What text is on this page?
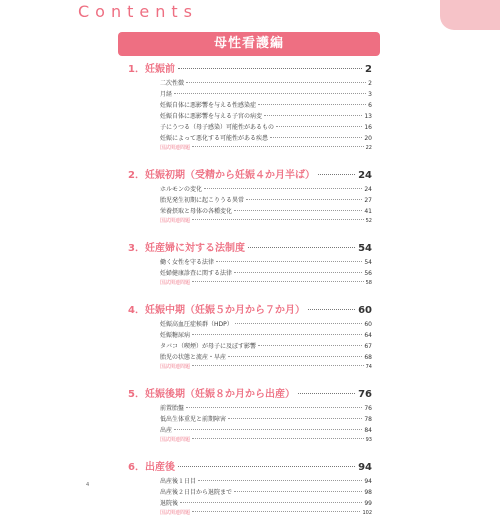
Contents
母性看護編
1．妊娠前	2
二次性徴	2
月経	3
妊娠自体に悪影響を与える性感染症	6
妊娠自体に悪影響を与える子宮の病変	13
子にうつる（母子感染）可能性があるもの	16
妊娠によって悪化する可能性がある疾患	20
国試関連問題	22
2．妊娠初期（受精から妊娠４か月半ば）	24
ホルモンの変化	24
胎児発生初期に起こりうる異常	27
栄養摂取と母体の各種変化	41
国試関連問題	52
3．妊産婦に対する法制度	54
働く女性を守る法律	54
妊婦健康診査に関する法律	56
国試関連問題	58
4．妊娠中期（妊娠５か月から７か月）	60
妊娠高血圧症候群（HDP）	60
妊娠糖尿病	64
タバコ（喫煙）が母子に及ぼす影響	67
胎児の状態と流産・早産	68
国試関連問題	74
5．妊娠後期（妊娠８か月から出産）	76
前置胎盤	76
低出生体重児と前期障害	78
出産	84
国試関連問題	93
6．出産後	94
出産後１日目	94
出産後２日目から退院まで	98
退院後	99
国試関連問題	102
4
